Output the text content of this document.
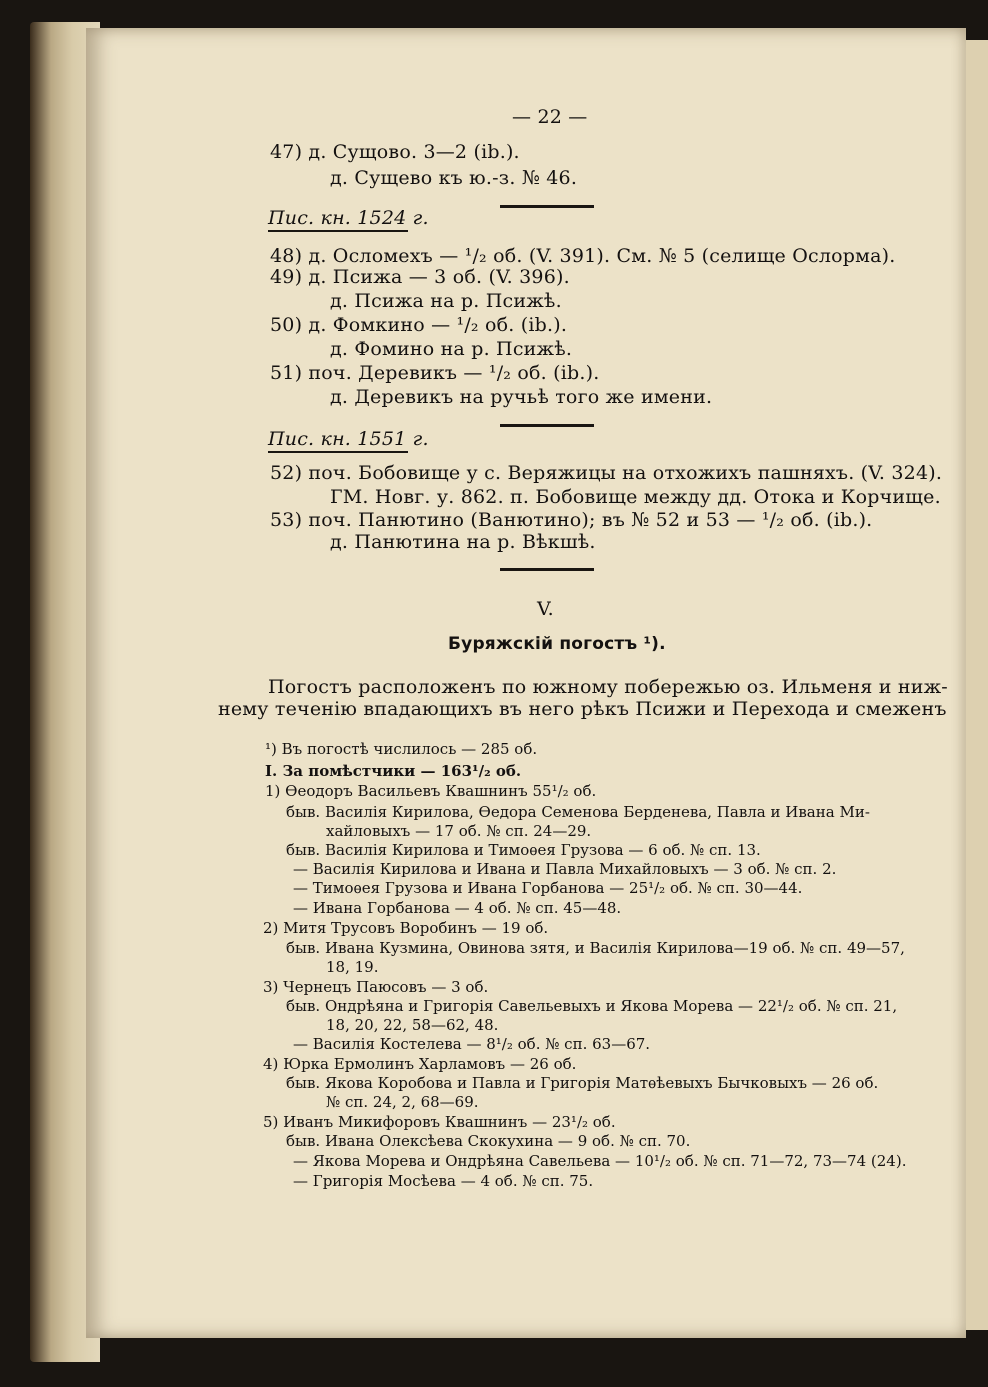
— 22 —
47) д. Сущово. 3—2 (ib.).
д. Сущево къ ю.-з. № 46.
Пис. кн. 1524 г.
48) д. Осломехъ — ¹/₂ об. (V. 391). См. № 5 (селище Ослорма).
49) д. Псижа — 3 об. (V. 396).
д. Псижа на р. Псижѣ.
50) д. Фомкино — ¹/₂ об. (ib.).
д. Фомино на р. Псижѣ.
51) поч. Деревикъ — ¹/₂ об. (ib.).
д. Деревикъ на ручьѣ того же имени.
Пис. кн. 1551 г.
52) поч. Бобовище у с. Веряжицы на отхожихъ пашняхъ. (V. 324).
ГМ. Новг. у. 862. п. Бобовище между дд. Отока и Корчище.
53) поч. Панютино (Ванютино); въ № 52 и 53 — ¹/₂ об. (ib.).
д. Панютина на р. Вѣкшѣ.
V.
Буряжскій погостъ ¹).
Погостъ расположенъ по южному побережью оз. Ильменя и ниж-
нему теченію впадающихъ въ него рѣкъ Псижи и Перехода и смеженъ
¹) Въ погостѣ числилось — 285 об.
I. За помѣстчики — 163¹/₂ об.
1) Ѳеодоръ Васильевъ Квашнинъ 55¹/₂ об.
быв. Василія Кирилова, Ѳедора Семенова Берденева, Павла и Ивана Ми-
хайловыхъ — 17 об. № сп. 24—29.
быв. Василія Кирилова и Тимоѳея Грузова — 6 об. № сп. 13.
— Василія Кирилова и Ивана и Павла Михайловыхъ — 3 об. № сп. 2.
— Тимоѳея Грузова и Ивана Горбанова — 25¹/₂ об. № сп. 30—44.
— Ивана Горбанова — 4 об. № сп. 45—48.
2) Митя Трусовъ Воробинъ — 19 об.
быв. Ивана Кузмина, Овинова зятя, и Василія Кирилова—19 об. № сп. 49—57,
18, 19.
3) Чернецъ Паюсовъ — 3 об.
быв. Ондрѣяна и Григорія Савельевыхъ и Якова Морева — 22¹/₂ об. № сп. 21,
18, 20, 22, 58—62, 48.
— Василія Костелева — 8¹/₂ об. № сп. 63—67.
4) Юрка Ермолинъ Харламовъ — 26 об.
быв. Якова Коробова и Павла и Григорія Матѳѣевыхъ Бычковыхъ — 26 об.
№ сп. 24, 2, 68—69.
5) Иванъ Микифоровъ Квашнинъ — 23¹/₂ об.
быв. Ивана Олексѣева Скокухина — 9 об. № сп. 70.
— Якова Морева и Ондрѣяна Савельева — 10¹/₂ об. № сп. 71—72, 73—74 (24).
— Григорія Мосѣева — 4 об. № сп. 75.
